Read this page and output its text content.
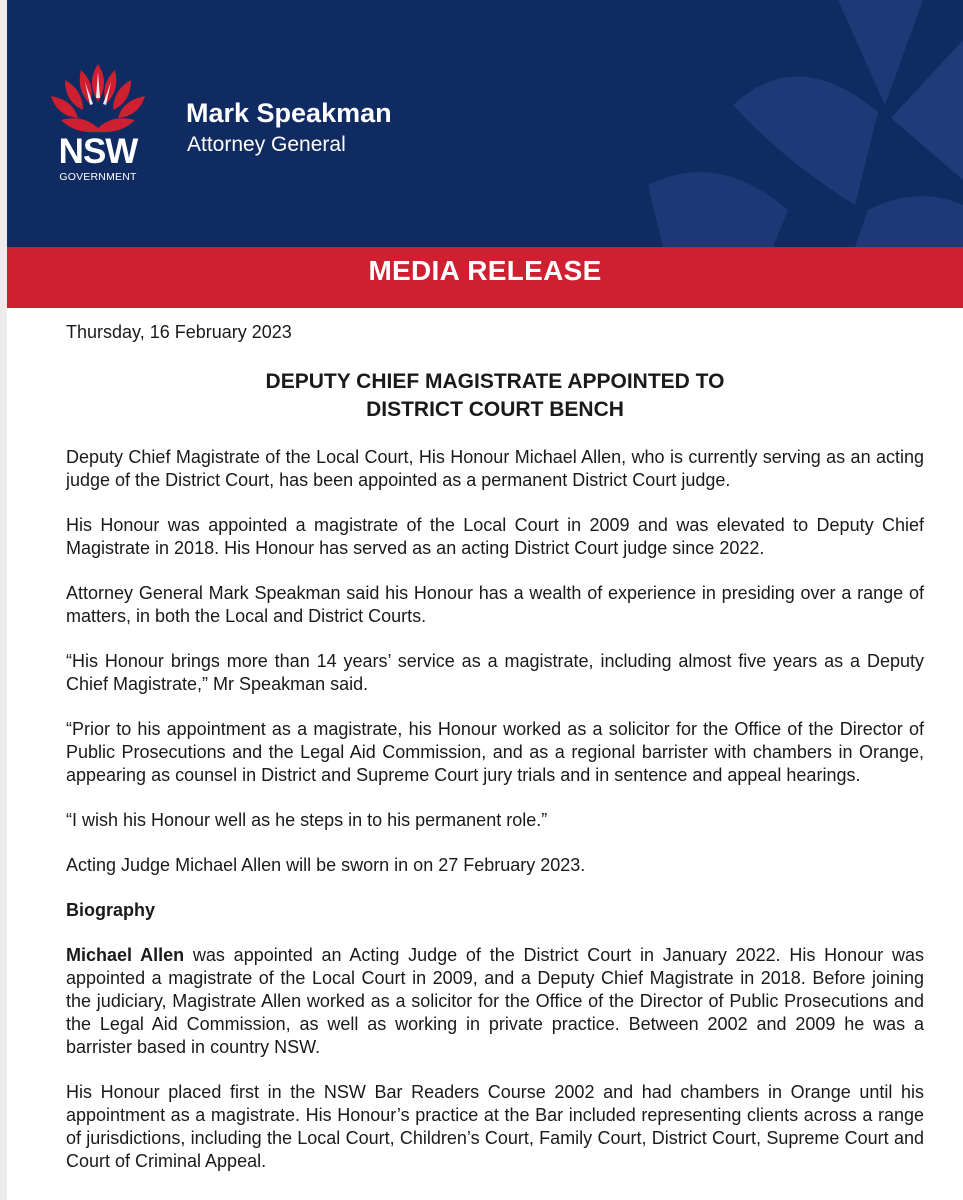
NSW
GOVERNMENT
Mark Speakman
Attorney General
MEDIA RELEASE

Thursday, 16 February 2023

DEPUTY CHIEF MAGISTRATE APPOINTED TO
DISTRICT COURT BENCH

Deputy Chief Magistrate of the Local Court, His Honour Michael Allen, who is currently serving as an acting judge of the District Court, has been appointed as a permanent District Court judge.

His Honour was appointed a magistrate of the Local Court in 2009 and was elevated to Deputy Chief Magistrate in 2018. His Honour has served as an acting District Court judge since 2022.

Attorney General Mark Speakman said his Honour has a wealth of experience in presiding over a range of matters, in both the Local and District Courts.

“His Honour brings more than 14 years’ service as a magistrate, including almost five years as a Deputy Chief Magistrate,” Mr Speakman said.

“Prior to his appointment as a magistrate, his Honour worked as a solicitor for the Office of the Director of Public Prosecutions and the Legal Aid Commission, and as a regional barrister with chambers in Orange, appearing as counsel in District and Supreme Court jury trials and in sentence and appeal hearings.

“I wish his Honour well as he steps in to his permanent role.”

Acting Judge Michael Allen will be sworn in on 27 February 2023.

Biography

Michael Allen was appointed an Acting Judge of the District Court in January 2022. His Honour was appointed a magistrate of the Local Court in 2009, and a Deputy Chief Magistrate in 2018. Before joining the judiciary, Magistrate Allen worked as a solicitor for the Office of the Director of Public Prosecutions and the Legal Aid Commission, as well as working in private practice. Between 2002 and 2009 he was a barrister based in country NSW.

His Honour placed first in the NSW Bar Readers Course 2002 and had chambers in Orange until his appointment as a magistrate. His Honour’s practice at the Bar included representing clients across a range of jurisdictions, including the Local Court, Children’s Court, Family Court, District Court, Supreme Court and Court of Criminal Appeal.
